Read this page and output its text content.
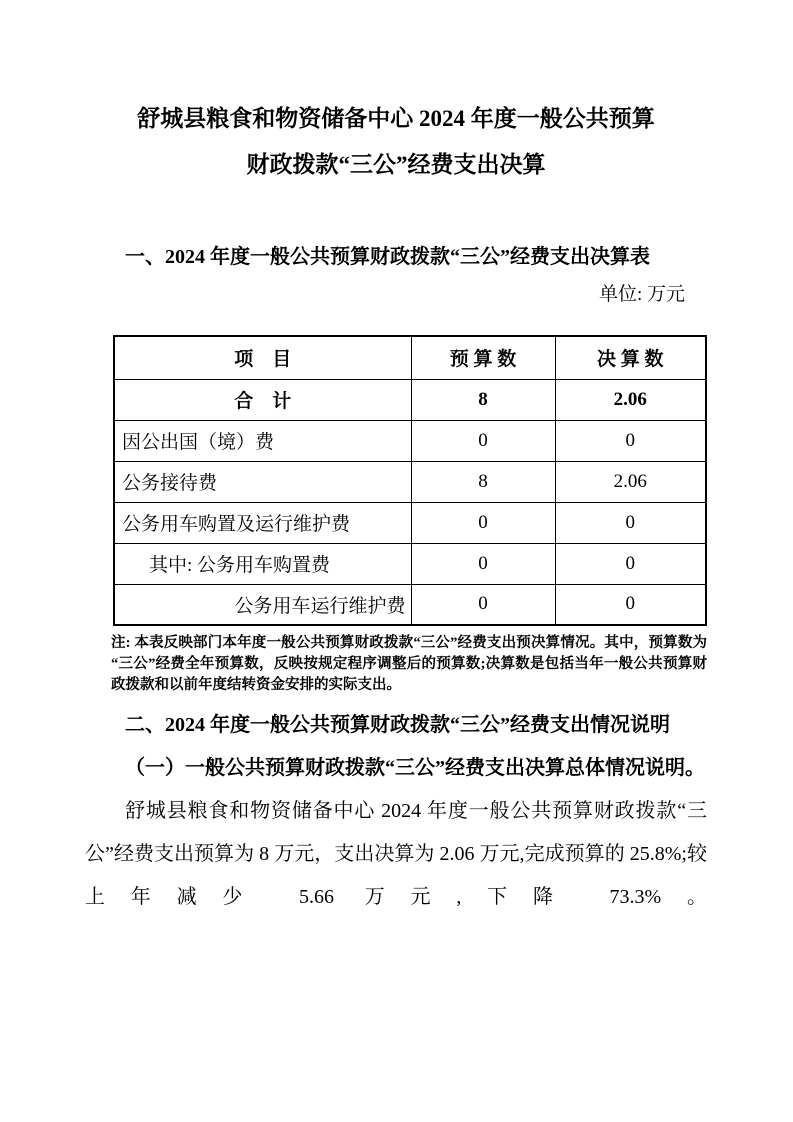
舒城县粮食和物资储备中心 2024 年度一般公共预算
财政拨款“三公”经费支出决算

一、2024 年度一般公共预算财政拨款“三公”经费支出决算表

单位: 万元

项　目	预 算 数	决 算 数
合　计	8	2.06
因公出国（境）费	0	0
公务接待费	8	2.06
公务用车购置及运行维护费	0	0
其中: 公务用车购置费	0	0
公务用车运行维护费	0	0

注: 本表反映部门本年度一般公共预算财政拨款“三公”经费支出预决算情况。其中，预算数为“三公”经费全年预算数，反映按规定程序调整后的预算数;决算数是包括当年一般公共预算财政拨款和以前年度结转资金安排的实际支出。

二、2024 年度一般公共预算财政拨款“三公”经费支出情况说明

（一）一般公共预算财政拨款“三公”经费支出决算总体情况说明。

舒城县粮食和物资储备中心 2024 年度一般公共预算财政拨款“三公”经费支出预算为 8 万元，支出决算为 2.06 万元,完成预算的 25.8%;较上年减少 5.66 万元,下降 73.3%。
